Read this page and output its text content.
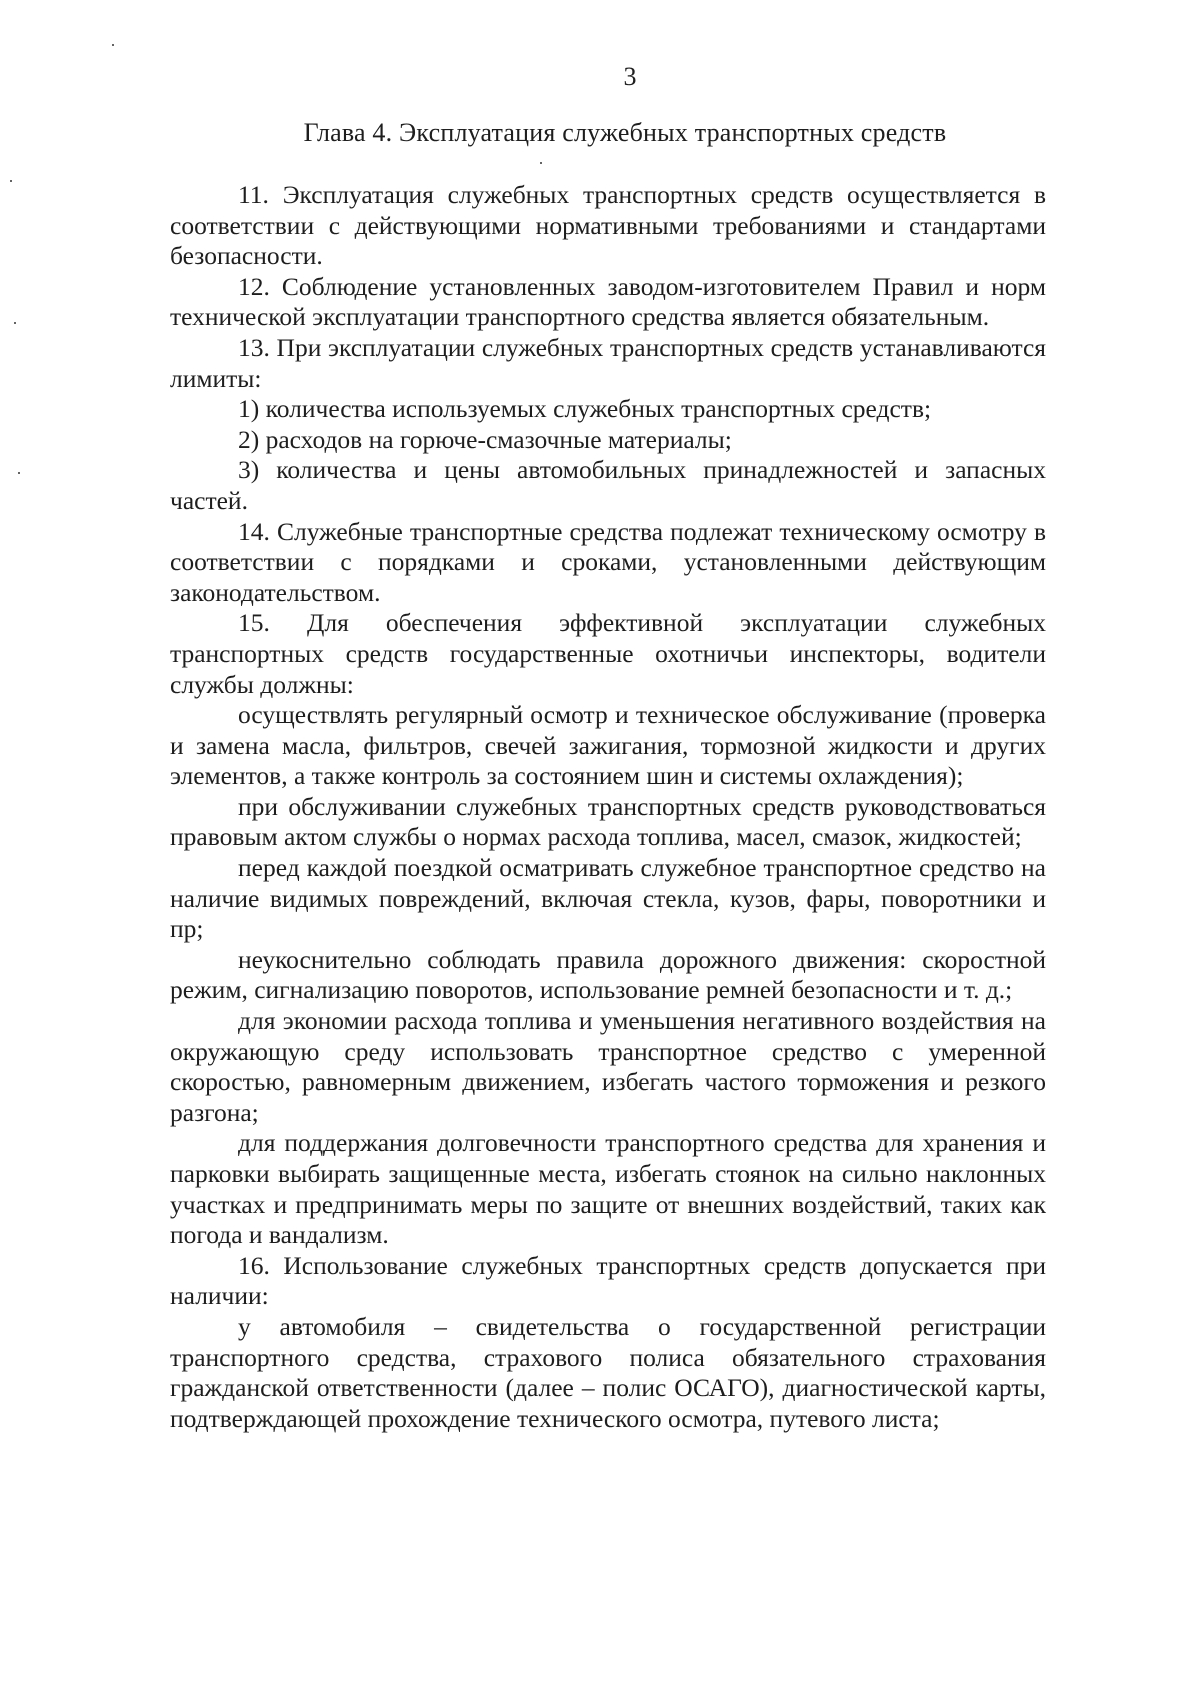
3
Глава 4. Эксплуатация служебных транспортных средств

11. Эксплуатация служебных транспортных средств осуществляется в соответствии с действующими нормативными требованиями и стандартами безопасности.

12. Соблюдение установленных заводом-изготовителем Правил и норм технической эксплуатации транспортного средства является обязательным.

13. При эксплуатации служебных транспортных средств устанавливаются лимиты:

1) количества используемых служебных транспортных средств;

2) расходов на горюче-смазочные материалы;

3) количества и цены автомобильных принадлежностей и запасных частей.

14. Служебные транспортные средства подлежат техническому осмотру в соответствии с порядками и сроками, установленными действующим законодательством.

15. Для обеспечения эффективной эксплуатации служебных транспортных средств государственные охотничьи инспекторы, водители службы должны:

осуществлять регулярный осмотр и техническое обслуживание (проверка и замена масла, фильтров, свечей зажигания, тормозной жидкости и других элементов, а также контроль за состоянием шин и системы охлаждения);

при обслуживании служебных транспортных средств руководствоваться правовым актом службы о нормах расхода топлива, масел, смазок, жидкостей;

перед каждой поездкой осматривать служебное транспортное средство на наличие видимых повреждений, включая стекла, кузов, фары, поворотники и пр;

неукоснительно соблюдать правила дорожного движения: скоростной режим, сигнализацию поворотов, использование ремней безопасности и т. д.;

для экономии расхода топлива и уменьшения негативного воздействия на окружающую среду использовать транспортное средство с умеренной скоростью, равномерным движением, избегать частого торможения и резкого разгона;

для поддержания долговечности транспортного средства для хранения и парковки выбирать защищенные места, избегать стоянок на сильно наклонных участках и предпринимать меры по защите от внешних воздействий, таких как погода и вандализм.

16. Использование служебных транспортных средств допускается при наличии:

у автомобиля – свидетельства о государственной регистрации транспортного средства, страхового полиса обязательного страхования гражданской ответственности (далее – полис ОСАГО), диагностической карты, подтверждающей прохождение технического осмотра, путевого листа;
